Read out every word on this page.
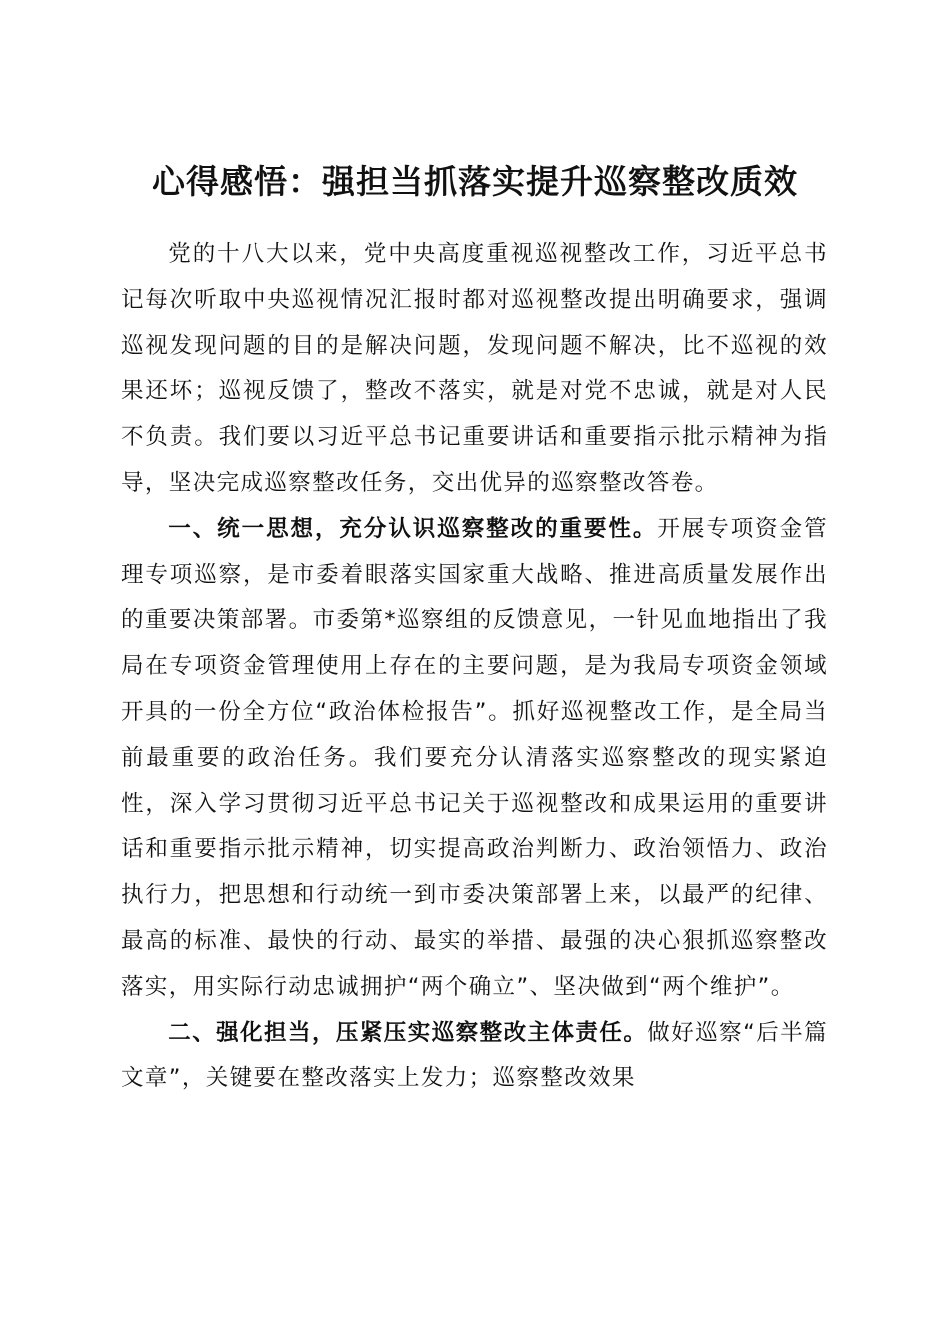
心得感悟：强担当抓落实提升巡察整改质效

党的十八大以来，党中央高度重视巡视整改工作，习近平总书记每次听取中央巡视情况汇报时都对巡视整改提出明确要求，强调巡视发现问题的目的是解决问题，发现问题不解决，比不巡视的效果还坏；巡视反馈了，整改不落实，就是对党不忠诚，就是对人民不负责。我们要以习近平总书记重要讲话和重要指示批示精神为指导，坚决完成巡察整改任务，交出优异的巡察整改答卷。

一、统一思想，充分认识巡察整改的重要性。开展专项资金管理专项巡察，是市委着眼落实国家重大战略、推进高质量发展作出的重要决策部署。市委第*巡察组的反馈意见，一针见血地指出了我局在专项资金管理使用上存在的主要问题，是为我局专项资金领域开具的一份全方位“政治体检报告”。抓好巡视整改工作，是全局当前最重要的政治任务。我们要充分认清落实巡察整改的现实紧迫性，深入学习贯彻习近平总书记关于巡视整改和成果运用的重要讲话和重要指示批示精神，切实提高政治判断力、政治领悟力、政治执行力，把思想和行动统一到市委决策部署上来，以最严的纪律、最高的标准、最快的行动、最实的举措、最强的决心狠抓巡察整改落实，用实际行动忠诚拥护“两个确立”、坚决做到“两个维护”。

二、强化担当，压紧压实巡察整改主体责任。做好巡察“后半篇文章”，关键要在整改落实上发力；巡察整改效果
